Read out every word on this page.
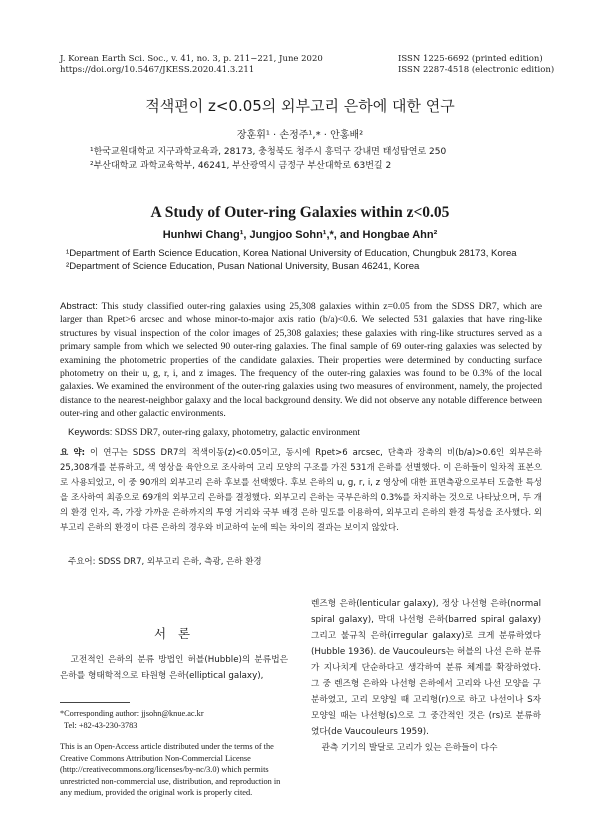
J. Korean Earth Sci. Soc., v. 41, no. 3, p. 211−221, June 2020
https://doi.org/10.5467/JKESS.2020.41.3.211
ISSN 1225-6692 (printed edition)
ISSN 2287-4518 (electronic edition)
적색편이 z<0.05의 외부고리 은하에 대한 연구
장훈휘¹ · 손정주¹,* · 안홍배²
¹한국교원대학교 지구과학교육과, 28173, 충청북도 청주시 흥덕구 강내면 태성탑연로 250
²부산대학교 과학교육학부, 46241, 부산광역시 금정구 부산대학로 63번길 2
A Study of Outer-ring Galaxies within z<0.05
Hunhwi Chang¹, Jungjoo Sohn¹,*, and Hongbae Ahn²
¹Department of Earth Science Education, Korea National University of Education, Chungbuk 28173, Korea
²Department of Science Education, Pusan National University, Busan 46241, Korea
Abstract: This study classified outer-ring galaxies using 25,308 galaxies within z=0.05 from the SDSS DR7, which are larger than Rpet>6 arcsec and whose minor-to-major axis ratio (b/a)<0.6. We selected 531 galaxies that have ring-like structures by visual inspection of the color images of 25,308 galaxies; these galaxies with ring-like structures served as a primary sample from which we selected 90 outer-ring galaxies. The final sample of 69 outer-ring galaxies was selected by examining the photometric properties of the candidate galaxies. Their properties were determined by conducting surface photometry on their u, g, r, i, and z images. The frequency of the outer-ring galaxies was found to be 0.3% of the local galaxies. We examined the environment of the outer-ring galaxies using two measures of environment, namely, the projected distance to the nearest-neighbor galaxy and the local background density. We did not observe any notable difference between outer-ring and other galactic environments.
Keywords: SDSS DR7, outer-ring galaxy, photometry, galactic environment
요 약: 이 연구는 SDSS DR7의 적색이동(z)<0.05이고, 동시에 Rpet>6 arcsec, 단축과 장축의 비(b/a)>0.6인 외부은하 25,308개를 분류하고, 색 영상을 육안으로 조사하여 고리 모양의 구조를 가진 531개 은하를 선별했다. 이 은하들이 일차적 표본으로 사용되었고, 이 중 90개의 외부고리 은하 후보를 선택했다. 후보 은하의 u, g, r, i, z 영상에 대한 표면측광으로부터 도출한 특성을 조사하여 최종으로 69개의 외부고리 은하를 결정했다. 외부고리 은하는 국부은하의 0.3%를 차지하는 것으로 나타났으며, 두 개의 환경 인자, 즉, 가장 가까운 은하까지의 투영 거리와 국부 배경 은하 밀도를 이용하여, 외부고리 은하의 환경 특성을 조사했다. 외부고리 은하의 환경이 다른 은하의 경우와 비교하여 눈에 띄는 차이의 결과는 보이지 않았다.
주요어: SDSS DR7, 외부고리 은하, 측광, 은하 환경
서 론

고전적인 은하의 분류 방법인 허블(Hubble)의 분류법은 은하를 형태학적으로 타원형 은하(elliptical galaxy),

*Corresponding author: jjsohn@knue.ac.kr
Tel: +82-43-230-3783
This is an Open-Access article distributed under the terms of the Creative Commons Attribution Non-Commercial License (http://creativecommons.org/licenses/by-nc/3.0) which permits unrestricted non-commercial use, distribution, and reproduction in any medium, provided the original work is properly cited.

렌즈형 은하(lenticular galaxy), 정상 나선형 은하(normal spiral galaxy), 막대 나선형 은하(barred spiral galaxy) 그리고 불규칙 은하(irregular galaxy)로 크게 분류하였다(Hubble 1936). de Vaucouleurs는 허블의 나선 은하 분류가 지나치게 단순하다고 생각하여 분류 체계를 확장하였다. 그 중 렌즈형 은하와 나선형 은하에서 고리와 나선 모양을 구분하였고, 고리 모양일 때 고리형(r)으로 하고 나선이나 S자 모양일 때는 나선형(s)으로 그 중간적인 것은 (rs)로 분류하였다(de Vaucouleurs 1959).

관측 기기의 발달로 고리가 있는 은하들이 다수
